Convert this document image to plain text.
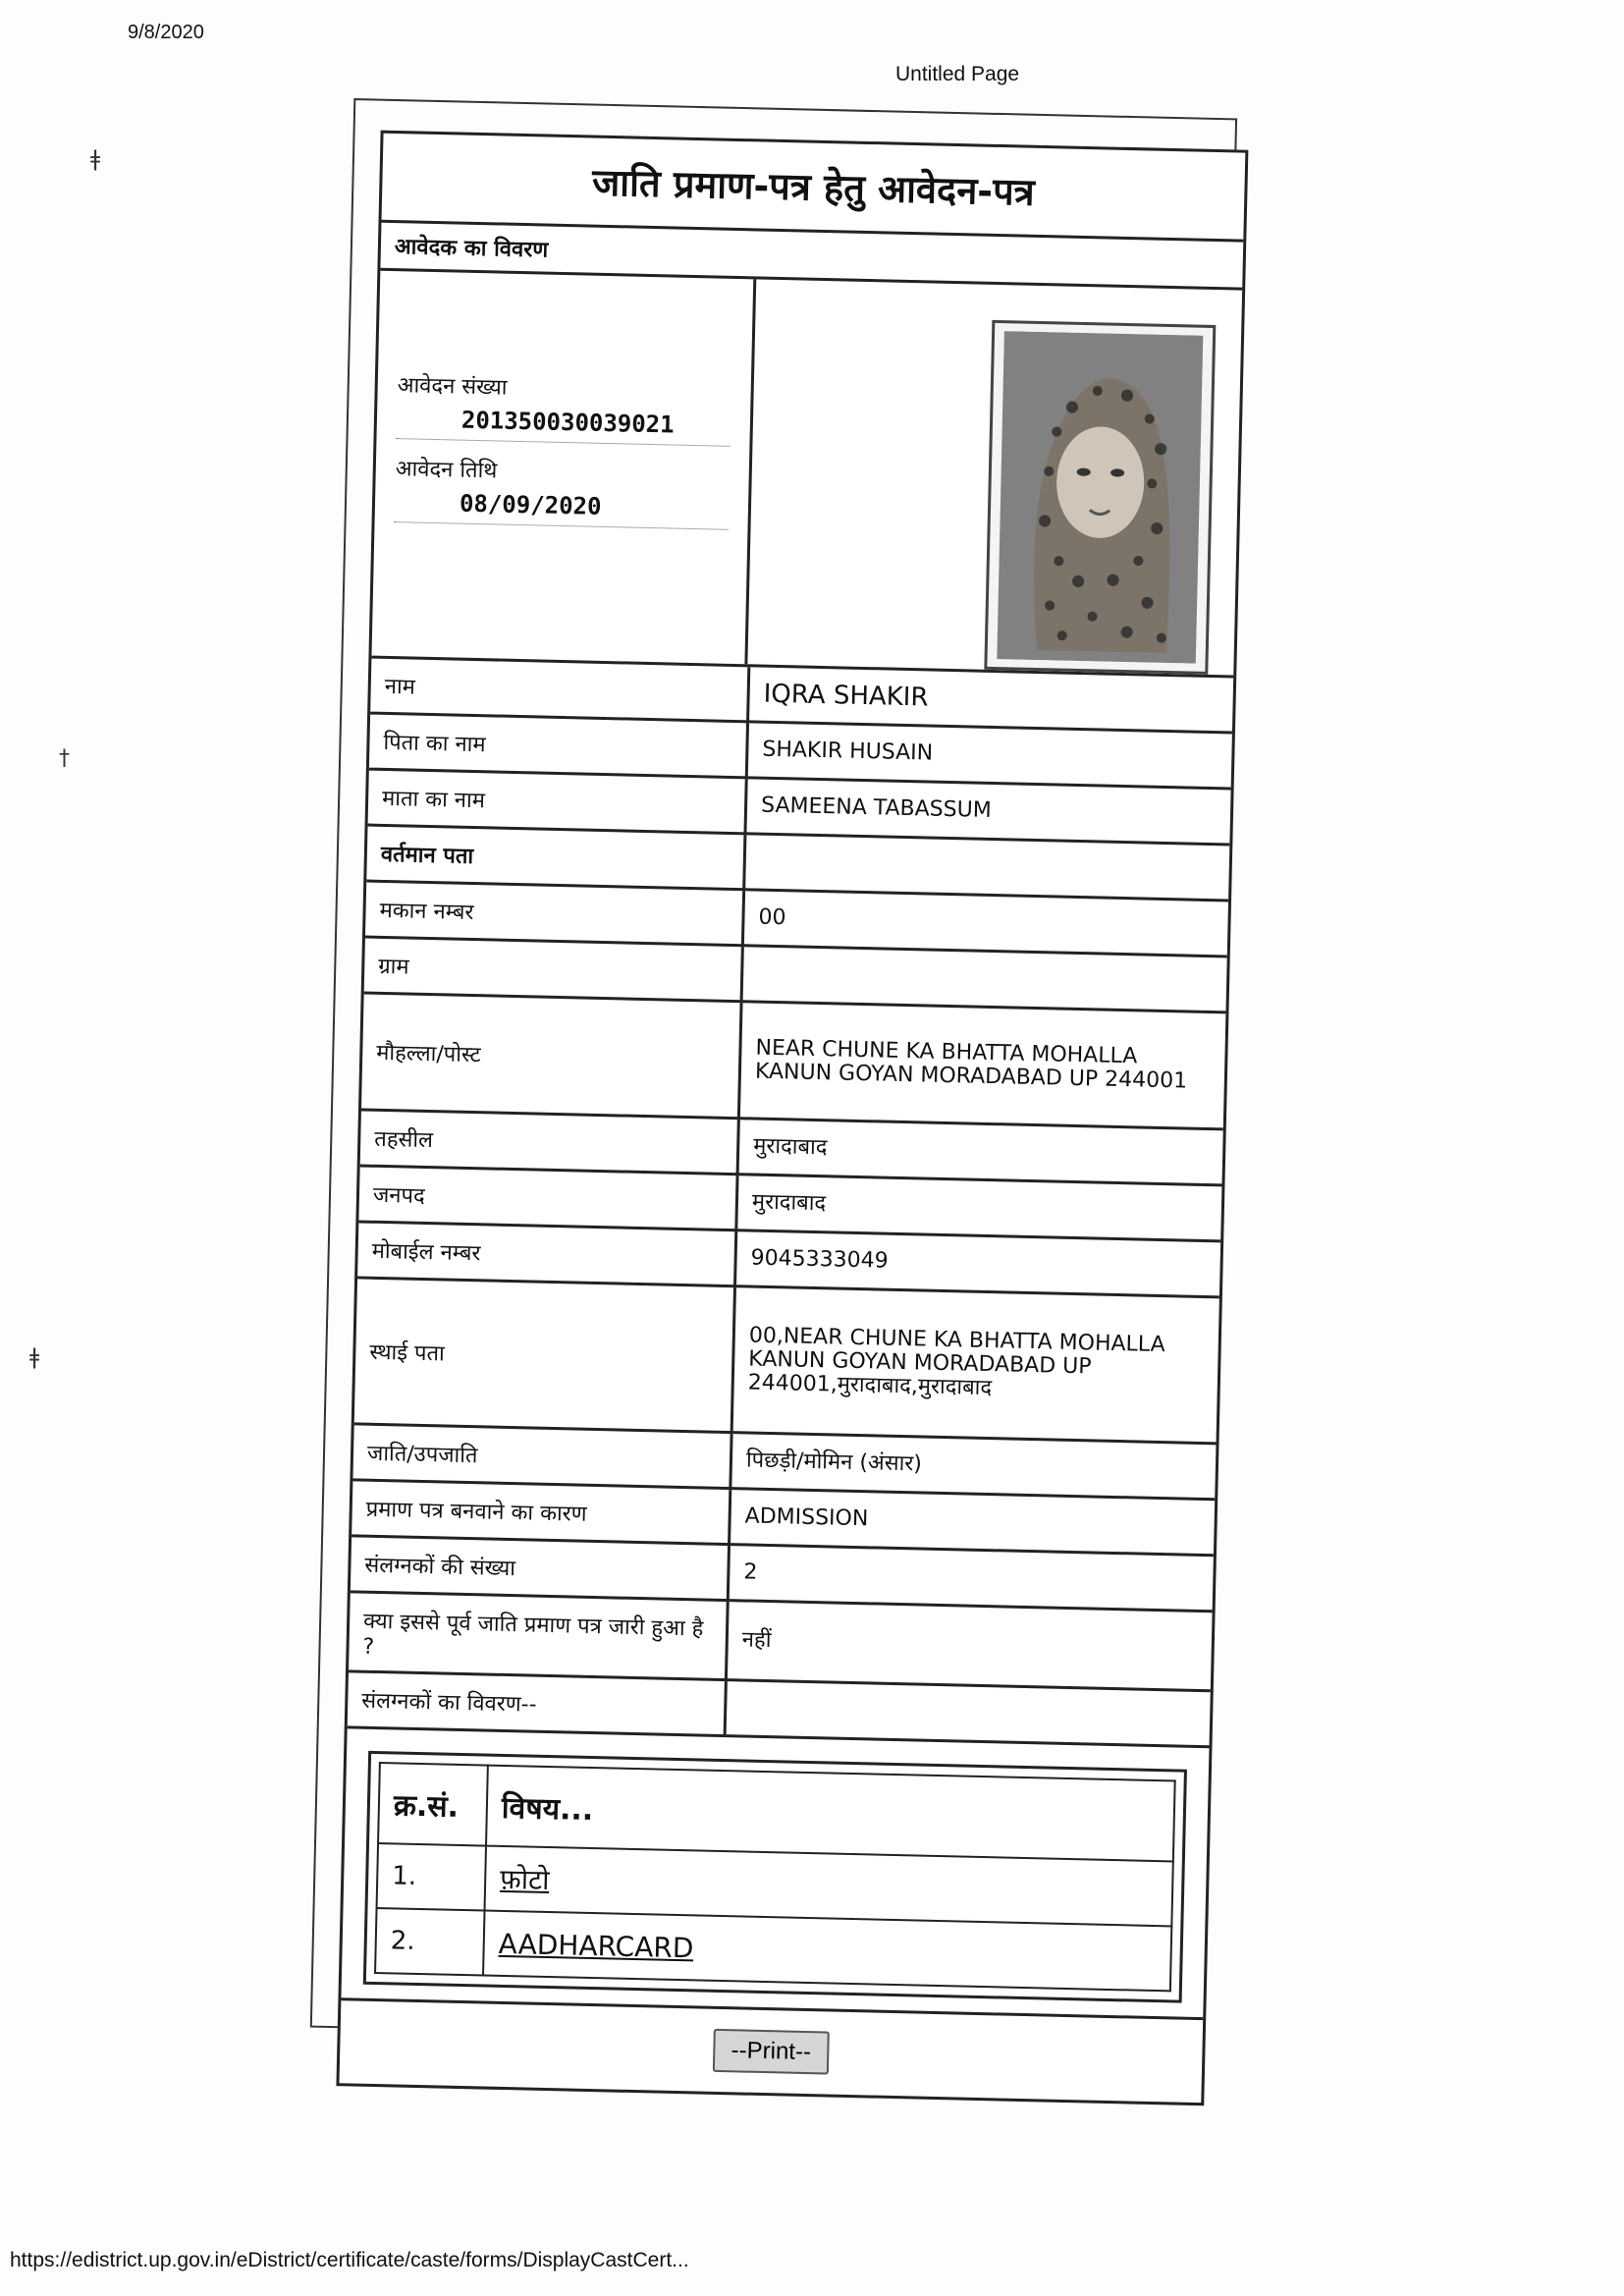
9/8/2020
Untitled Page
ǂ
†
ǂ
जाति प्रमाण-पत्र हेतु आवेदन-पत्र
आवेदक का विवरण
आवेदन संख्या
201350030039021
आवेदन तिथि
08/09/2020
नाम	IQRA SHAKIR
पिता का नाम	SHAKIR HUSAIN
माता का नाम	SAMEENA TABASSUM
वर्तमान पता	
मकान नम्बर	00
ग्राम	
मौहल्ला/पोस्ट	NEAR CHUNE KA BHATTA MOHALLA KANUN GOYAN MORADABAD UP 244001
तहसील	मुरादाबाद
जनपद	मुरादाबाद
मोबाईल नम्बर	9045333049
स्थाई पता	00,NEAR CHUNE KA BHATTA MOHALLA KANUN GOYAN MORADABAD UP 244001,मुरादाबाद,मुरादाबाद
जाति/उपजाति	पिछड़ी/मोमिन (अंसार)
प्रमाण पत्र बनवाने का कारण	ADMISSION
संलग्नकों की संख्या	2
क्या इससे पूर्व जाति प्रमाण पत्र जारी हुआ है ?	नहीं
संलग्नकों का विवरण--	
क्र.सं.	विषय...
1.	फ़ोटो
2.	AADHARCARD
--Print--
https://edistrict.up.gov.in/eDistrict/certificate/caste/forms/DisplayCastCert...
